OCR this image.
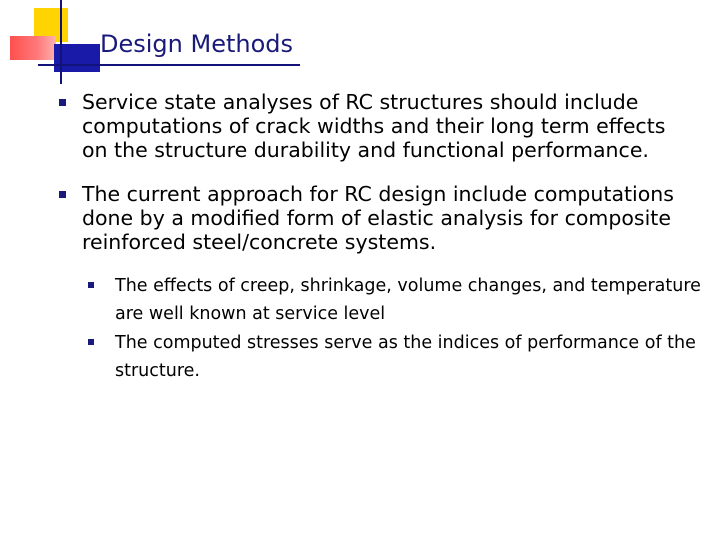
Design Methods
Service state analyses of RC structures should include computations of crack widths and their long term effects on the structure durability and functional performance.
The current approach for RC design include computations done by a modified form of elastic analysis for composite reinforced steel/concrete systems.
The effects of creep, shrinkage, volume changes, and temperature are well known at service level
The computed stresses serve as the indices of performance of the structure.
